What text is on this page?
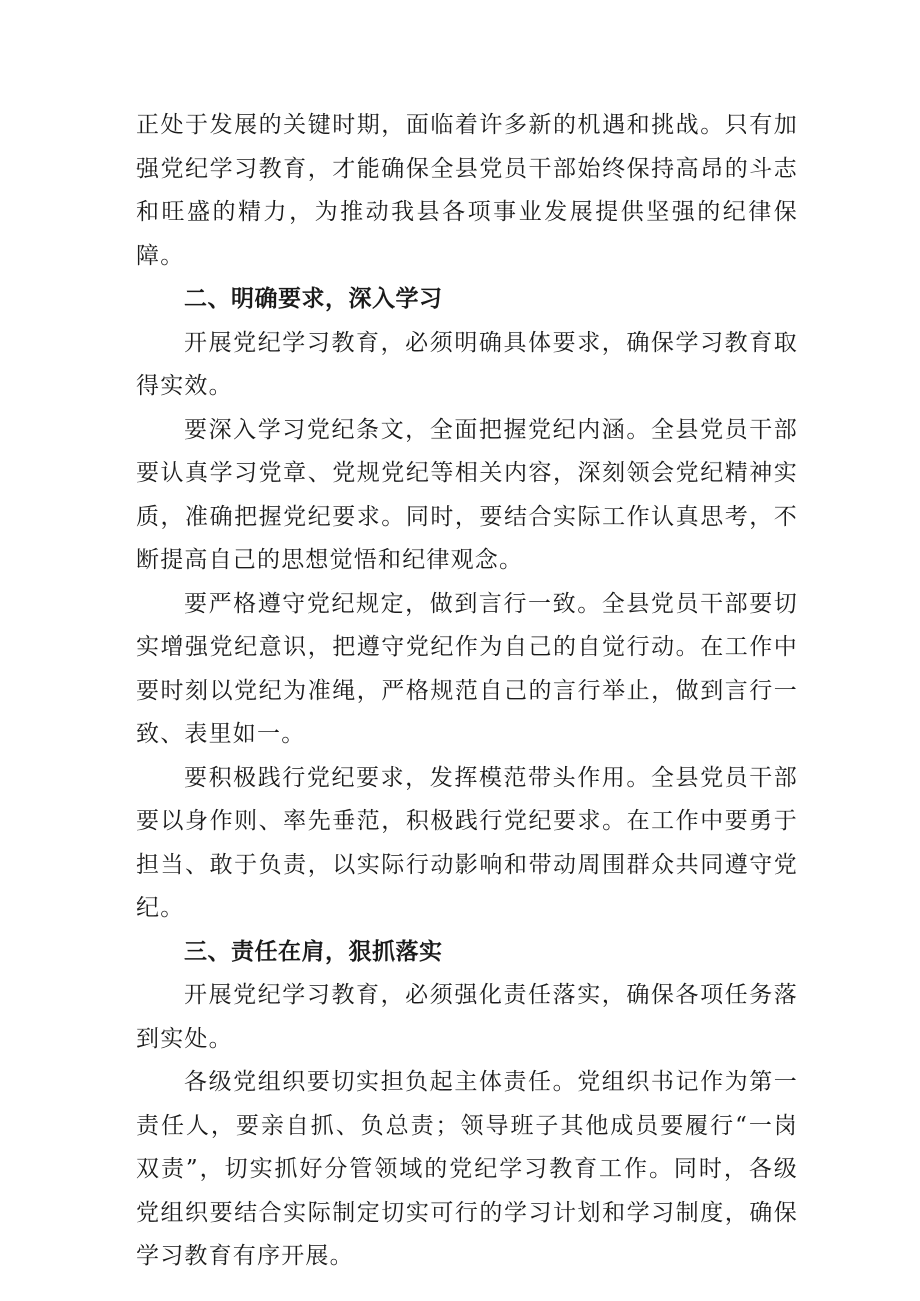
正处于发展的关键时期，面临着许多新的机遇和挑战。只有加强党纪学习教育，才能确保全县党员干部始终保持高昂的斗志和旺盛的精力，为推动我县各项事业发展提供坚强的纪律保障。

二、明确要求，深入学习

开展党纪学习教育，必须明确具体要求，确保学习教育取得实效。

要深入学习党纪条文，全面把握党纪内涵。全县党员干部要认真学习党章、党规党纪等相关内容，深刻领会党纪精神实质，准确把握党纪要求。同时，要结合实际工作认真思考，不断提高自己的思想觉悟和纪律观念。

要严格遵守党纪规定，做到言行一致。全县党员干部要切实增强党纪意识，把遵守党纪作为自己的自觉行动。在工作中要时刻以党纪为准绳，严格规范自己的言行举止，做到言行一致、表里如一。

要积极践行党纪要求，发挥模范带头作用。全县党员干部要以身作则、率先垂范，积极践行党纪要求。在工作中要勇于担当、敢于负责，以实际行动影响和带动周围群众共同遵守党纪。

三、责任在肩，狠抓落实

开展党纪学习教育，必须强化责任落实，确保各项任务落到实处。

各级党组织要切实担负起主体责任。党组织书记作为第一责任人，要亲自抓、负总责；领导班子其他成员要履行“一岗双责”，切实抓好分管领域的党纪学习教育工作。同时，各级党组织要结合实际制定切实可行的学习计划和学习制度，确保学习教育有序开展。
